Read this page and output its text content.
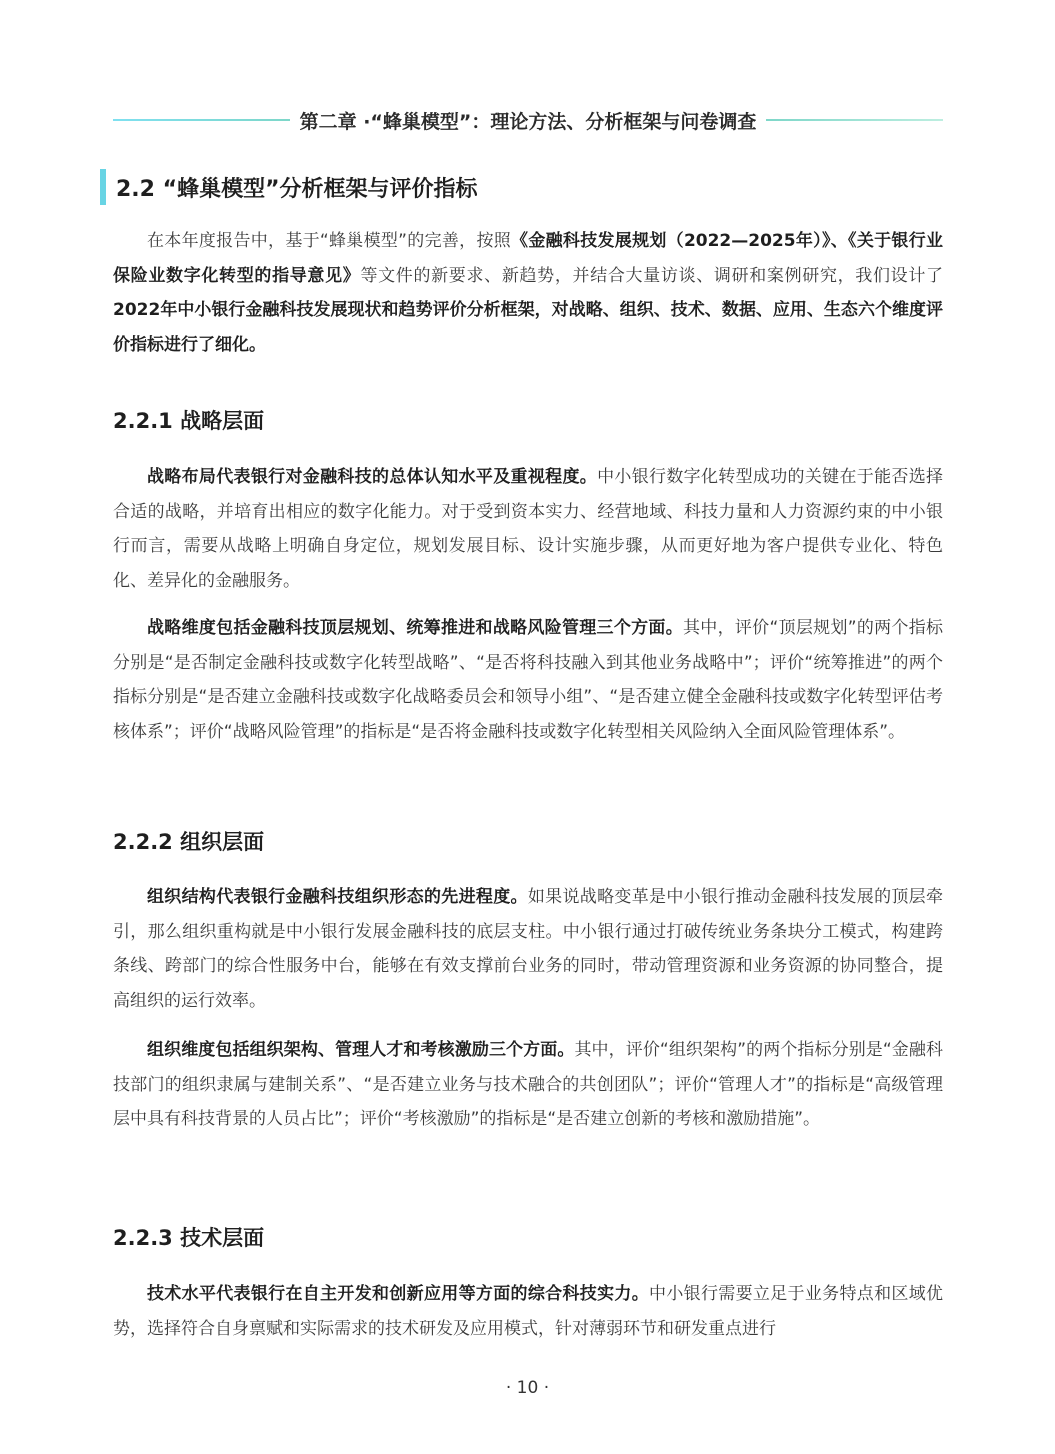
第二章 ·“蜂巢模型”：理论方法、分析框架与问卷调查
2.2 “蜂巢模型”分析框架与评价指标

在本年度报告中，基于“蜂巢模型”的完善，按照《金融科技发展规划（2022—2025年）》、《关于银行业保险业数字化转型的指导意见》等文件的新要求、新趋势，并结合大量访谈、调研和案例研究，我们设计了2022年中小银行金融科技发展现状和趋势评价分析框架，对战略、组织、技术、数据、应用、生态六个维度评价指标进行了细化。

2.2.1 战略层面

战略布局代表银行对金融科技的总体认知水平及重视程度。中小银行数字化转型成功的关键在于能否选择合适的战略，并培育出相应的数字化能力。对于受到资本实力、经营地域、科技力量和人力资源约束的中小银行而言，需要从战略上明确自身定位，规划发展目标、设计实施步骤，从而更好地为客户提供专业化、特色化、差异化的金融服务。

战略维度包括金融科技顶层规划、统筹推进和战略风险管理三个方面。其中，评价“顶层规划”的两个指标分别是“是否制定金融科技或数字化转型战略”、“是否将科技融入到其他业务战略中”；评价“统筹推进”的两个指标分别是“是否建立金融科技或数字化战略委员会和领导小组”、“是否建立健全金融科技或数字化转型评估考核体系”；评价“战略风险管理”的指标是“是否将金融科技或数字化转型相关风险纳入全面风险管理体系”。

2.2.2 组织层面

组织结构代表银行金融科技组织形态的先进程度。如果说战略变革是中小银行推动金融科技发展的顶层牵引，那么组织重构就是中小银行发展金融科技的底层支柱。中小银行通过打破传统业务条块分工模式，构建跨条线、跨部门的综合性服务中台，能够在有效支撑前台业务的同时，带动管理资源和业务资源的协同整合，提高组织的运行效率。

组织维度包括组织架构、管理人才和考核激励三个方面。其中，评价“组织架构”的两个指标分别是“金融科技部门的组织隶属与建制关系”、“是否建立业务与技术融合的共创团队”；评价“管理人才”的指标是“高级管理层中具有科技背景的人员占比”；评价“考核激励”的指标是“是否建立创新的考核和激励措施”。

2.2.3 技术层面

技术水平代表银行在自主开发和创新应用等方面的综合科技实力。中小银行需要立足于业务特点和区域优势，选择符合自身禀赋和实际需求的技术研发及应用模式，针对薄弱环节和研发重点进行

· 10 ·
